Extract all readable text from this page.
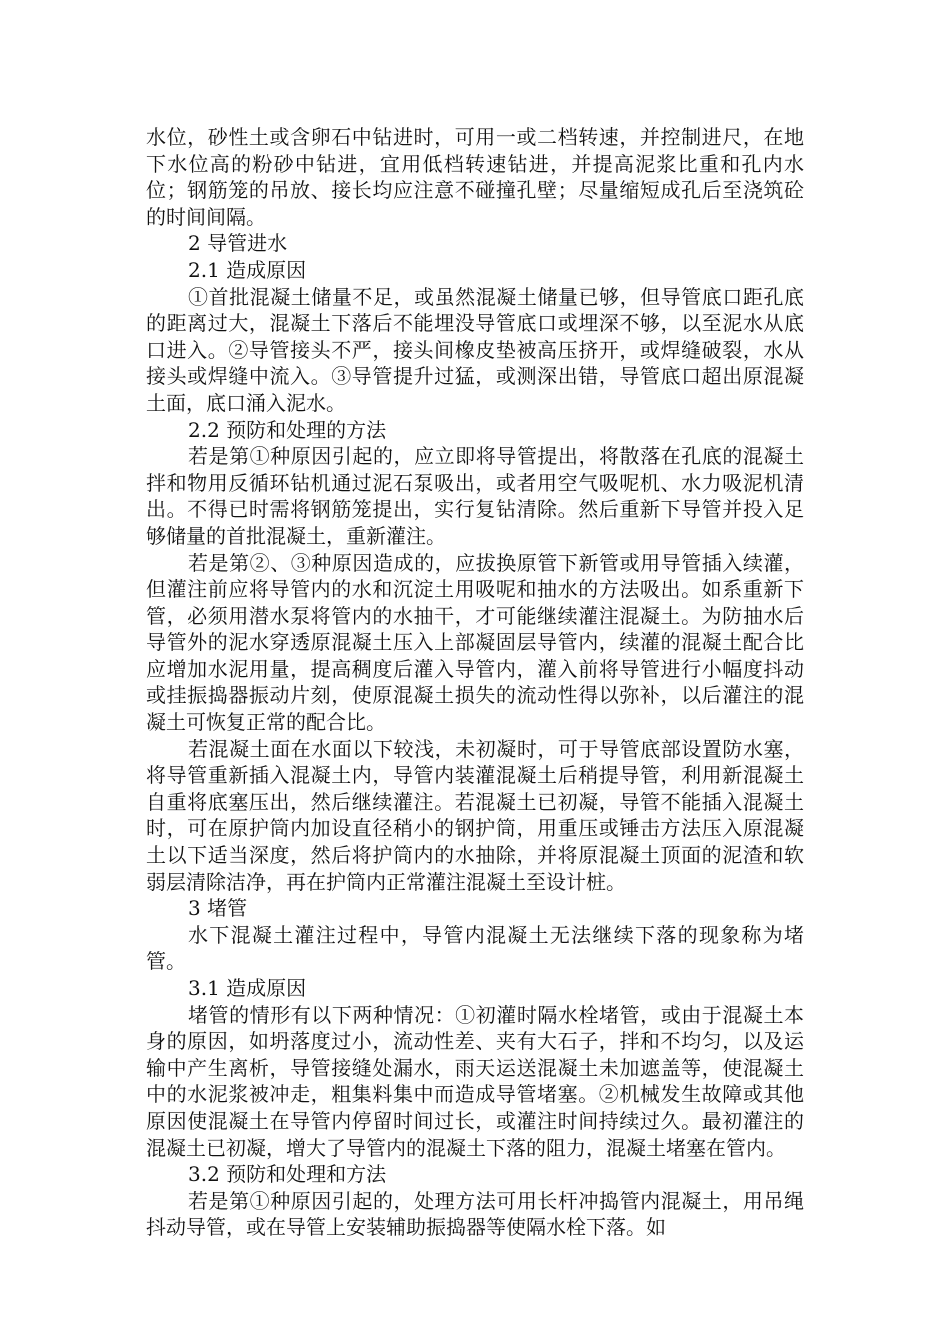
水位，砂性土或含卵石中钻进时，可用一或二档转速，并控制进尺，在地下水位高的粉砂中钻进，宜用低档转速钻进，并提高泥浆比重和孔内水位；钢筋笼的吊放、接长均应注意不碰撞孔壁；尽量缩短成孔后至浇筑砼的时间间隔。

2 导管进水

2.1 造成原因

①首批混凝土储量不足，或虽然混凝土储量已够，但导管底口距孔底的距离过大，混凝土下落后不能埋没导管底口或埋深不够，以至泥水从底口进入。②导管接头不严，接头间橡皮垫被高压挤开，或焊缝破裂，水从接头或焊缝中流入。③导管提升过猛，或测深出错，导管底口超出原混凝土面，底口涌入泥水。

2.2 预防和处理的方法

若是第①种原因引起的，应立即将导管提出，将散落在孔底的混凝土拌和物用反循环钻机通过泥石泵吸出，或者用空气吸呢机、水力吸泥机清出。不得已时需将钢筋笼提出，实行复钻清除。然后重新下导管并投入足够储量的首批混凝土，重新灌注。

若是第②、③种原因造成的，应拔换原管下新管或用导管插入续灌，但灌注前应将导管内的水和沉淀土用吸呢和抽水的方法吸出。如系重新下管，必须用潜水泵将管内的水抽干，才可能继续灌注混凝土。为防抽水后导管外的泥水穿透原混凝土压入上部凝固层导管内，续灌的混凝土配合比应增加水泥用量，提高稠度后灌入导管内，灌入前将导管进行小幅度抖动或挂振捣器振动片刻，使原混凝土损失的流动性得以弥补，以后灌注的混凝土可恢复正常的配合比。

若混凝土面在水面以下较浅，未初凝时，可于导管底部设置防水塞，将导管重新插入混凝土内，导管内装灌混凝土后稍提导管，利用新混凝土自重将底塞压出，然后继续灌注。若混凝土已初凝，导管不能插入混凝土时，可在原护筒内加设直径稍小的钢护筒，用重压或锤击方法压入原混凝土以下适当深度，然后将护筒内的水抽除，并将原混凝土顶面的泥渣和软弱层清除洁净，再在护筒内正常灌注混凝土至设计桩。

3 堵管

水下混凝土灌注过程中，导管内混凝土无法继续下落的现象称为堵管。

3.1 造成原因

堵管的情形有以下两种情况：①初灌时隔水栓堵管，或由于混凝土本身的原因，如坍落度过小，流动性差、夹有大石子，拌和不均匀，以及运输中产生离析，导管接缝处漏水，雨天运送混凝土未加遮盖等，使混凝土中的水泥浆被冲走，粗集料集中而造成导管堵塞。②机械发生故障或其他原因使混凝土在导管内停留时间过长，或灌注时间持续过久。最初灌注的混凝土已初凝，增大了导管内的混凝土下落的阻力，混凝土堵塞在管内。

3.2 预防和处理和方法

若是第①种原因引起的，处理方法可用长杆冲捣管内混凝土，用吊绳抖动导管，或在导管上安装辅助振捣器等使隔水栓下落。如
